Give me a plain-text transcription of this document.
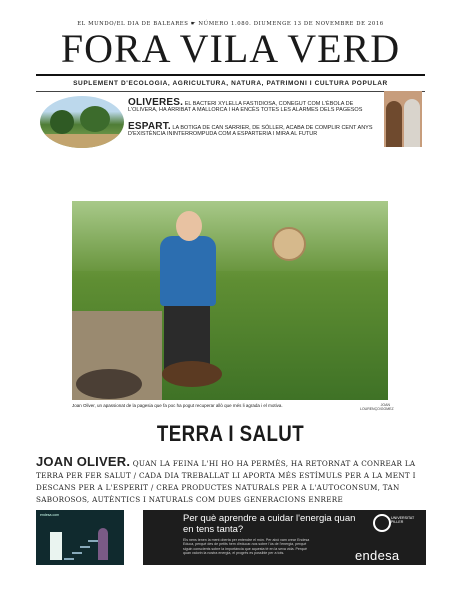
EL MUNDO/EL DIA DE BALEARES ☛ NÚMERO 1.080. DIUMENGE 13 DE NOVEMBRE DE 2016
FORA VILA VERD
SUPLEMENT D'ECOLOGIA, AGRICULTURA, NATURA, PATRIMONI I CULTURA POPULAR
OLIVERES. EL BACTERI XYLELLA FASTIDIOSA, CONEGUT COM L'ÈBOLA DE L'OLIVERA, HA ARRIBAT A MALLORCA I HA ENCÈS TOTES LES ALARMES DELS PAGESOS
ESPART. LA BOTIGA DE CAN SARRIER, DE SÓLLER, ACABA DE COMPLIR CENT ANYS D'EXISTÈNCIA ININTERROMPUDA COM A ESPARTERIA I MIRA AL FUTUR
Joan Oliver, un apassionat de la pagesia que fa poc ha pogut recuperar allò que més li agrada i el motiva.	JOAN LOURENÇO/GOMEZ
TERRA I SALUT
JOAN OLIVER. QUAN LA FEINA L'HI HO HA PERMÈS, HA RETORNAT A CONREAR LA TERRA PER FER SALUT / CADA DIA TREBALLAT LI APORTA MÉS ESTÍMULS PER A LA MENT I DESCANS PER A L'ESPERIT / CREA PRODUCTES NATURALS PER A L'AUTOCONSUM, TAN SABOROSOS, AUTÈNTICS I NATURALS COM DUES GENERACIONS ENRERE
endesa.com	Per què aprendre a cuidar l'energia quan en tens tanta?
Els nens tenen la ment oberta per entendre el món. Per això vam crear Endesa Educa, perquè des de petits hem d'educar-nos sobre l'ús de l'energia, perquè siguin conscients sobre la importància que aquesta té en la seva vida. Perquè quan valorin la nostra energia, el progrés es possible per a tots.
UNIVERSITAT PILLER
endesa
